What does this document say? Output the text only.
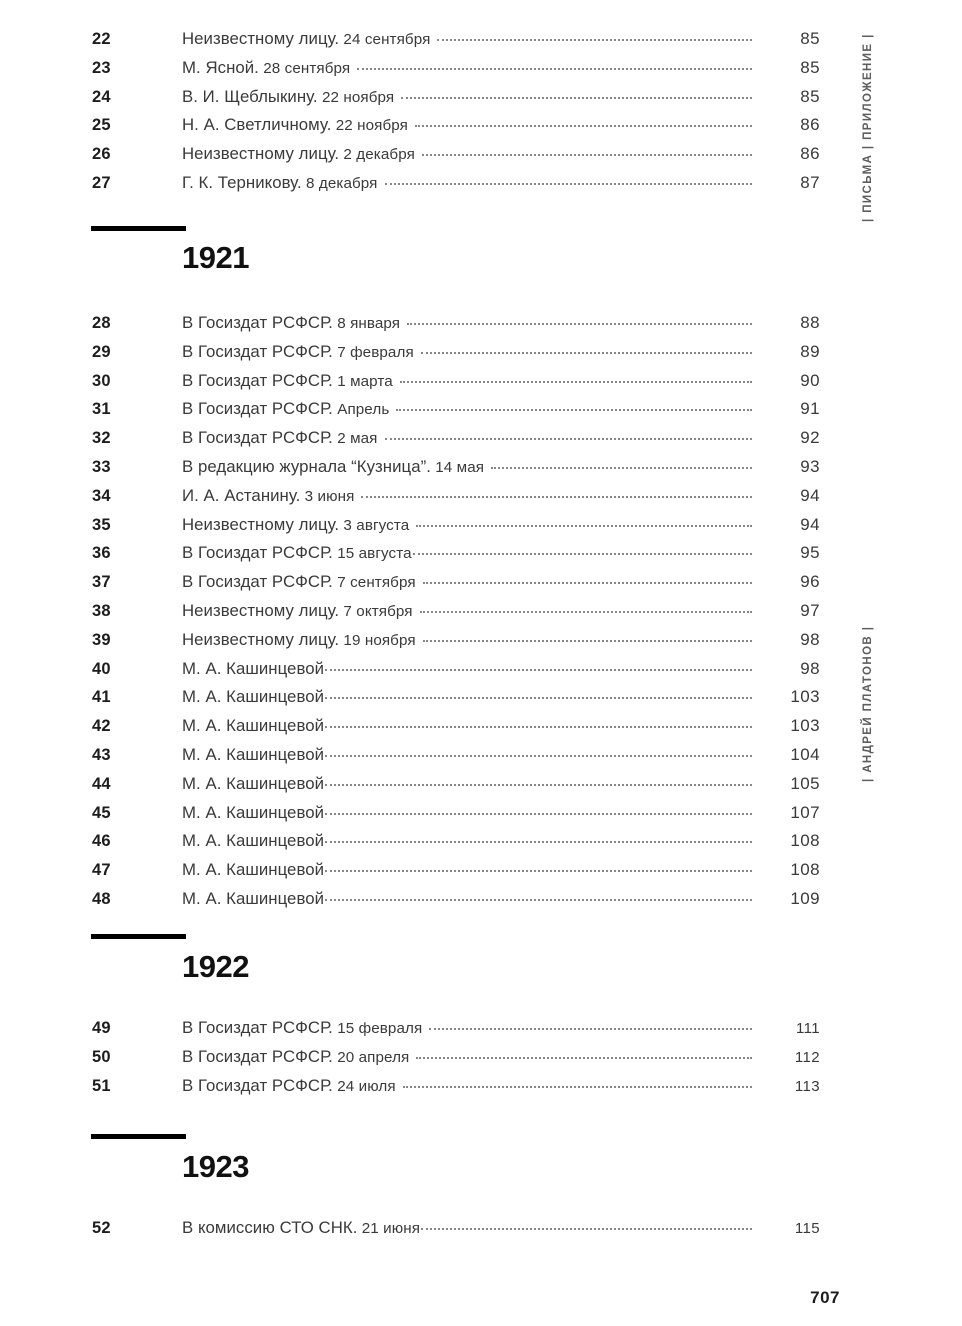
| ПИСЬМА | ПРИЛОЖЕНИЕ |
| АНДРЕЙ ПЛАТОНОВ |
22	Неизвестному лицу. 24 сентября	85
23	М. Ясной. 28 сентября	85
24	В. И. Щеблыкину. 22 ноября	85
25	Н. А. Светличному. 22 ноября	86
26	Неизвестному лицу. 2 декабря	86
27	Г. К. Терникову. 8 декабря	87
1921
28	В Госиздат РСФСР. 8 января	88
29	В Госиздат РСФСР. 7 февраля	89
30	В Госиздат РСФСР. 1 марта	90
31	В Госиздат РСФСР. Апрель	91
32	В Госиздат РСФСР. 2 мая	92
33	В редакцию журнала “Кузница”. 14 мая	93
34	И. А. Астанину. 3 июня	94
35	Неизвестному лицу. 3 августа	94
36	В Госиздат РСФСР. 15 августа	95
37	В Госиздат РСФСР. 7 сентября	96
38	Неизвестному лицу. 7 октября	97
39	Неизвестному лицу. 19 ноября	98
40	М. А. Кашинцевой	98
41	М. А. Кашинцевой	103
42	М. А. Кашинцевой	103
43	М. А. Кашинцевой	104
44	М. А. Кашинцевой	105
45	М. А. Кашинцевой	107
46	М. А. Кашинцевой	108
47	М. А. Кашинцевой	108
48	М. А. Кашинцевой	109
1922
49	В Госиздат РСФСР. 15 февраля	111
50	В Госиздат РСФСР. 20 апреля	112
51	В Госиздат РСФСР. 24 июля	113
1923
52	В комиссию СТО СНК. 21 июня	115
707
